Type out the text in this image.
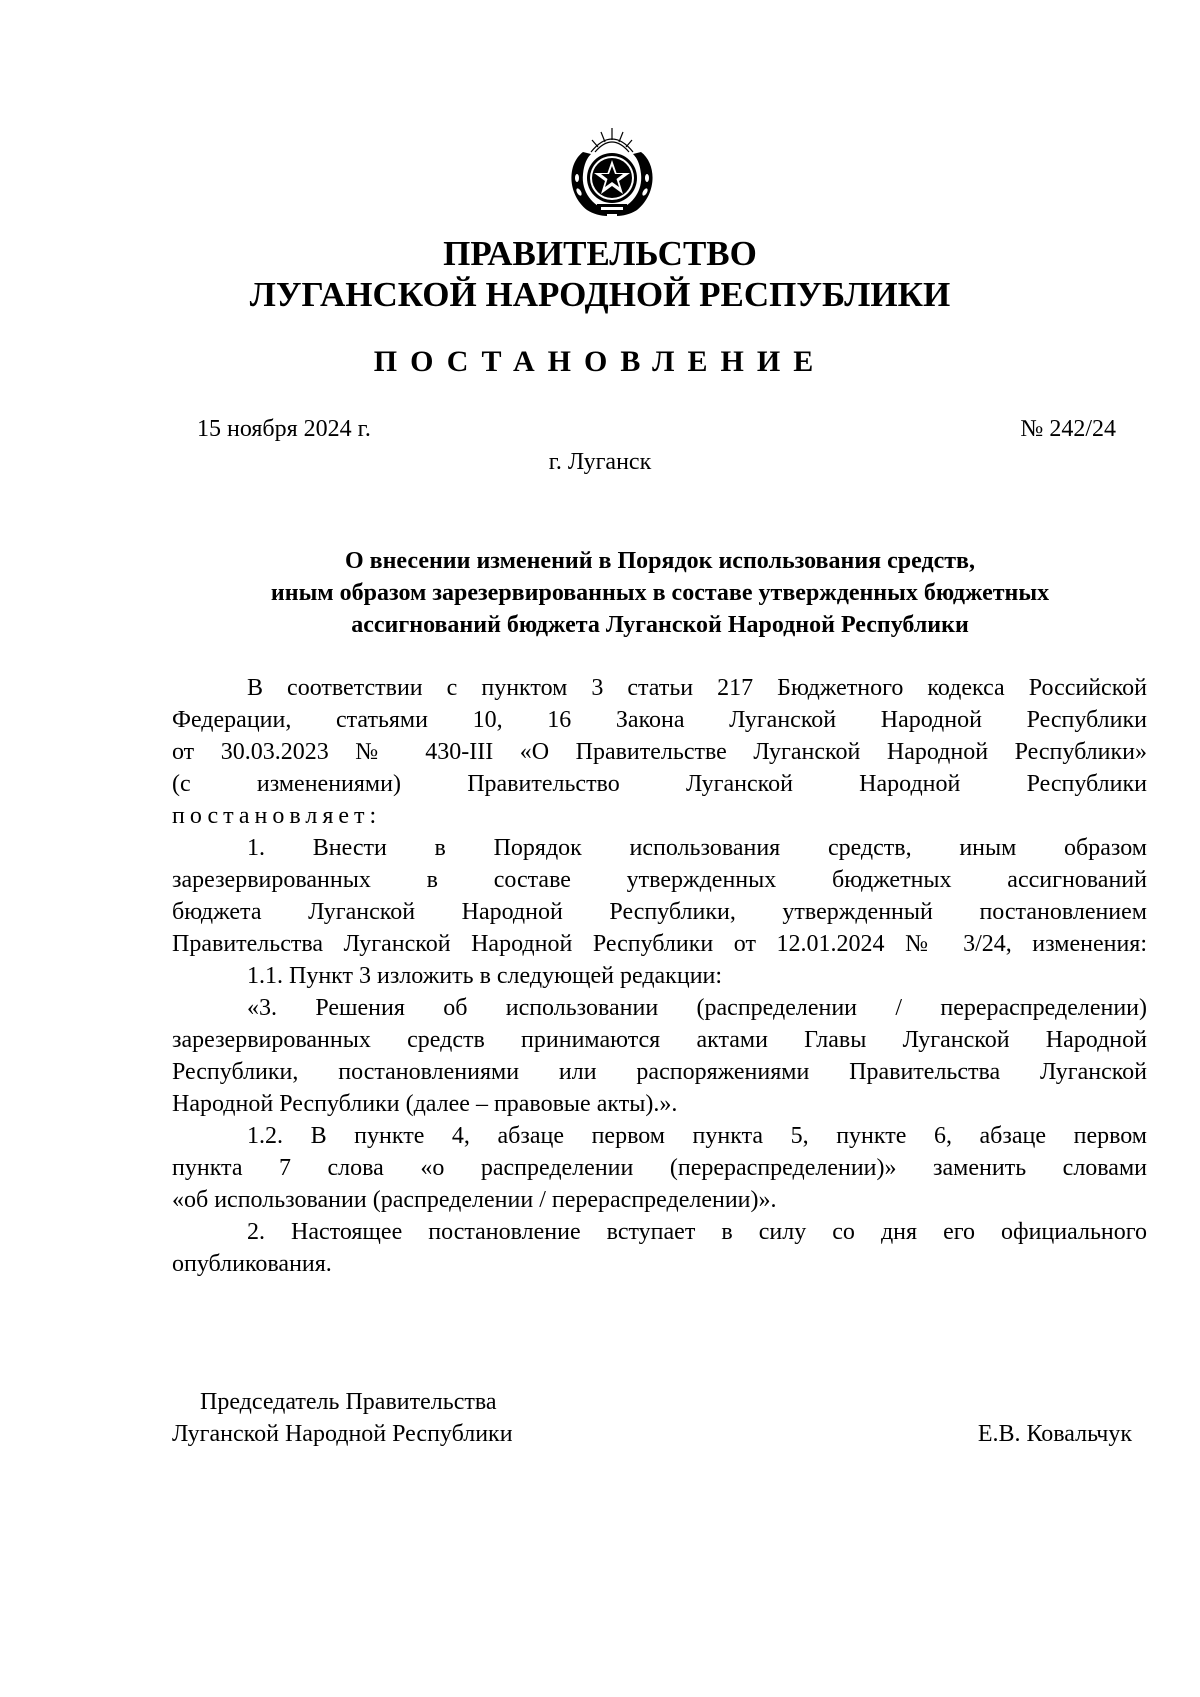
ПРАВИТЕЛЬСТВО
ЛУГАНСКОЙ НАРОДНОЙ РЕСПУБЛИКИ
ПОСТАНОВЛЕНИЕ
15 ноября 2024 г.	№ 242/24
г. Луганск
О внесении изменений в Порядок использования средств,
иным образом зарезервированных в составе утвержденных бюджетных
ассигнований бюджета Луганской Народной Республики
В соответствии с пунктом 3 статьи 217 Бюджетного кодекса Российской
Федерации, статьями 10, 16 Закона Луганской Народной Республики
от 30.03.2023 № 430-III «О Правительстве Луганской Народной Республики»
(с изменениями) Правительство Луганской Народной Республики
постановляет:
1. Внести в Порядок использования средств, иным образом
зарезервированных в составе утвержденных бюджетных ассигнований
бюджета Луганской Народной Республики, утвержденный постановлением
Правительства Луганской Народной Республики от 12.01.2024 № 3/24, изменения:
1.1. Пункт 3 изложить в следующей редакции:
«3. Решения об использовании (распределении / перераспределении)
зарезервированных средств принимаются актами Главы Луганской Народной
Республики, постановлениями или распоряжениями Правительства Луганской
Народной Республики (далее – правовые акты).».
1.2. В пункте 4, абзаце первом пункта 5, пункте 6, абзаце первом
пункта 7 слова «о распределении (перераспределении)» заменить словами
«об использовании (распределении / перераспределении)».
2. Настоящее постановление вступает в силу со дня его официального
опубликования.
Председатель Правительства
Луганской Народной Республики	Е.В. Ковальчук
